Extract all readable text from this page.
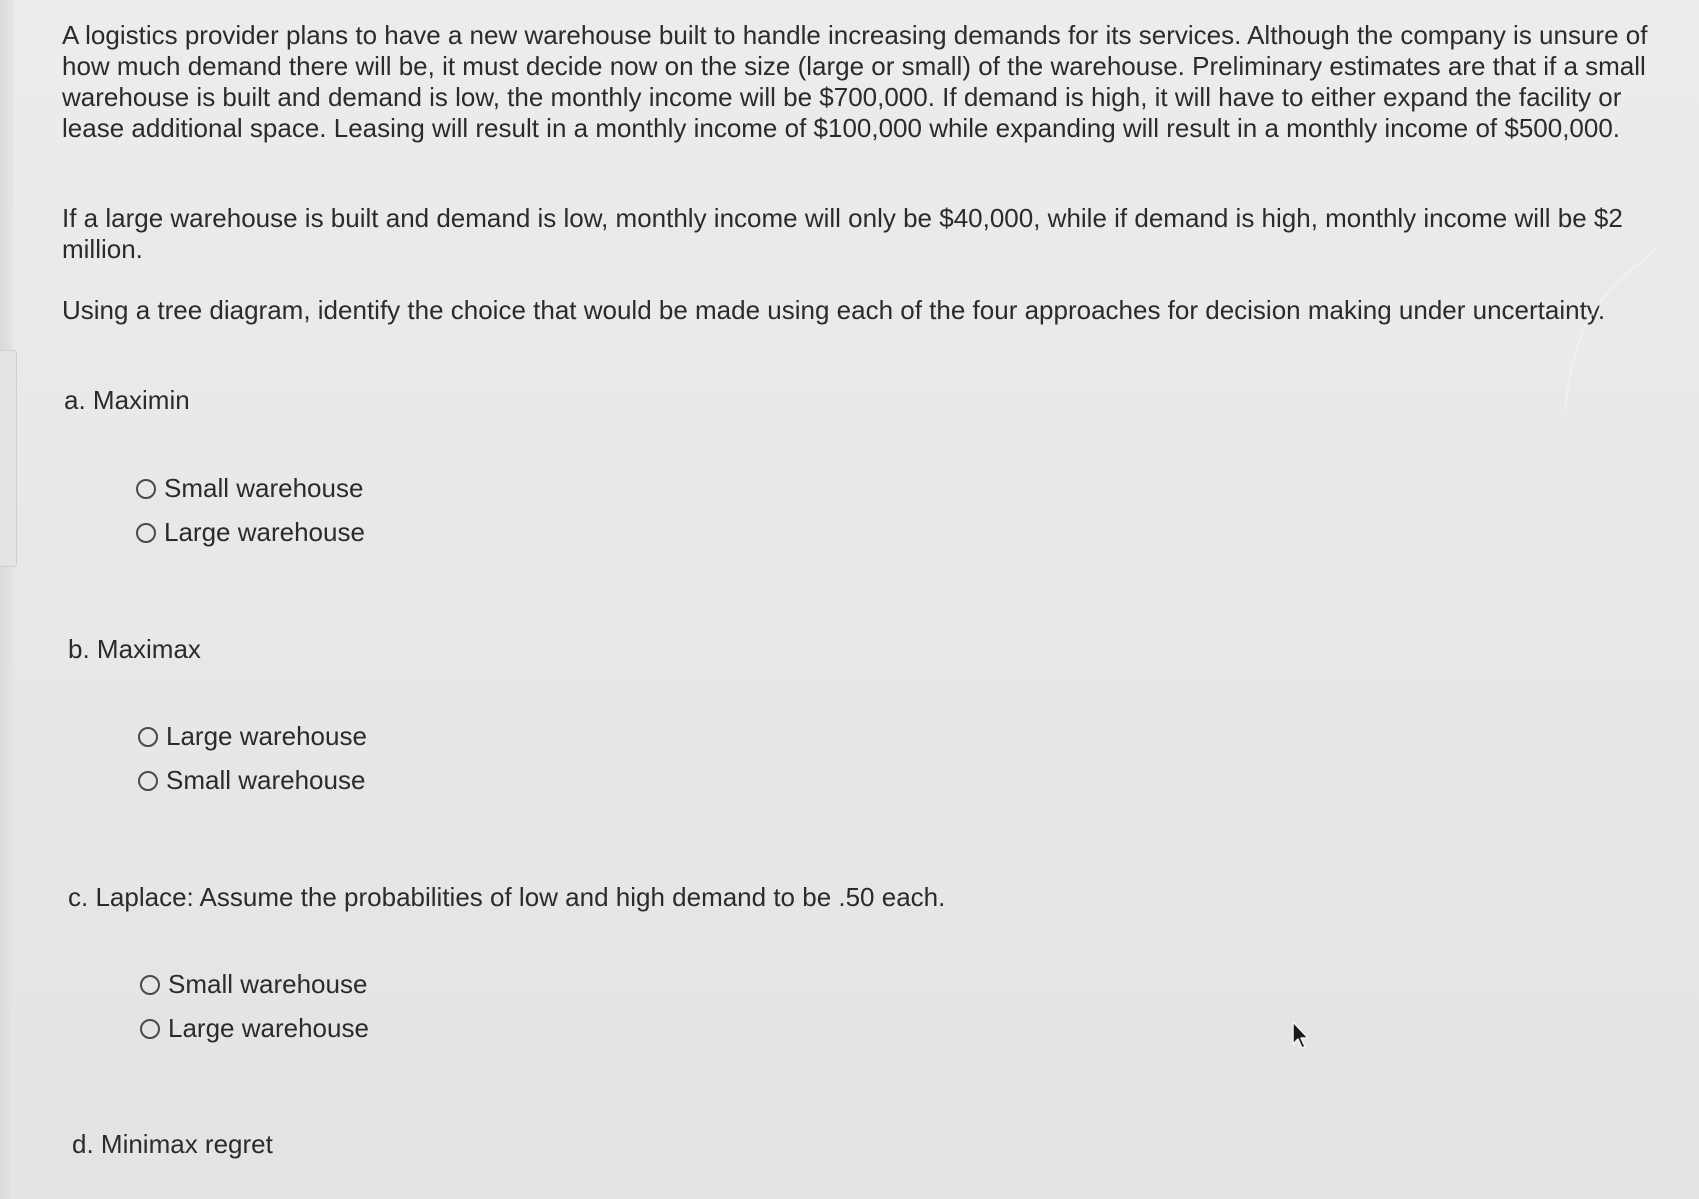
A logistics provider plans to have a new warehouse built to handle increasing demands for its services. Although the company is unsure of how much demand there will be, it must decide now on the size (large or small) of the warehouse. Preliminary estimates are that if a small warehouse is built and demand is low, the monthly income will be $700,000. If demand is high, it will have to either expand the facility or lease additional space. Leasing will result in a monthly income of $100,000 while expanding will result in a monthly income of $500,000.

If a large warehouse is built and demand is low, monthly income will only be $40,000, while if demand is high, monthly income will be $2 million.

Using a tree diagram, identify the choice that would be made using each of the four approaches for decision making under uncertainty.

a. Maximin
Small warehouse
Large warehouse
b. Maximax
Large warehouse
Small warehouse
c. Laplace: Assume the probabilities of low and high demand to be .50 each.
Small warehouse
Large warehouse
d. Minimax regret
